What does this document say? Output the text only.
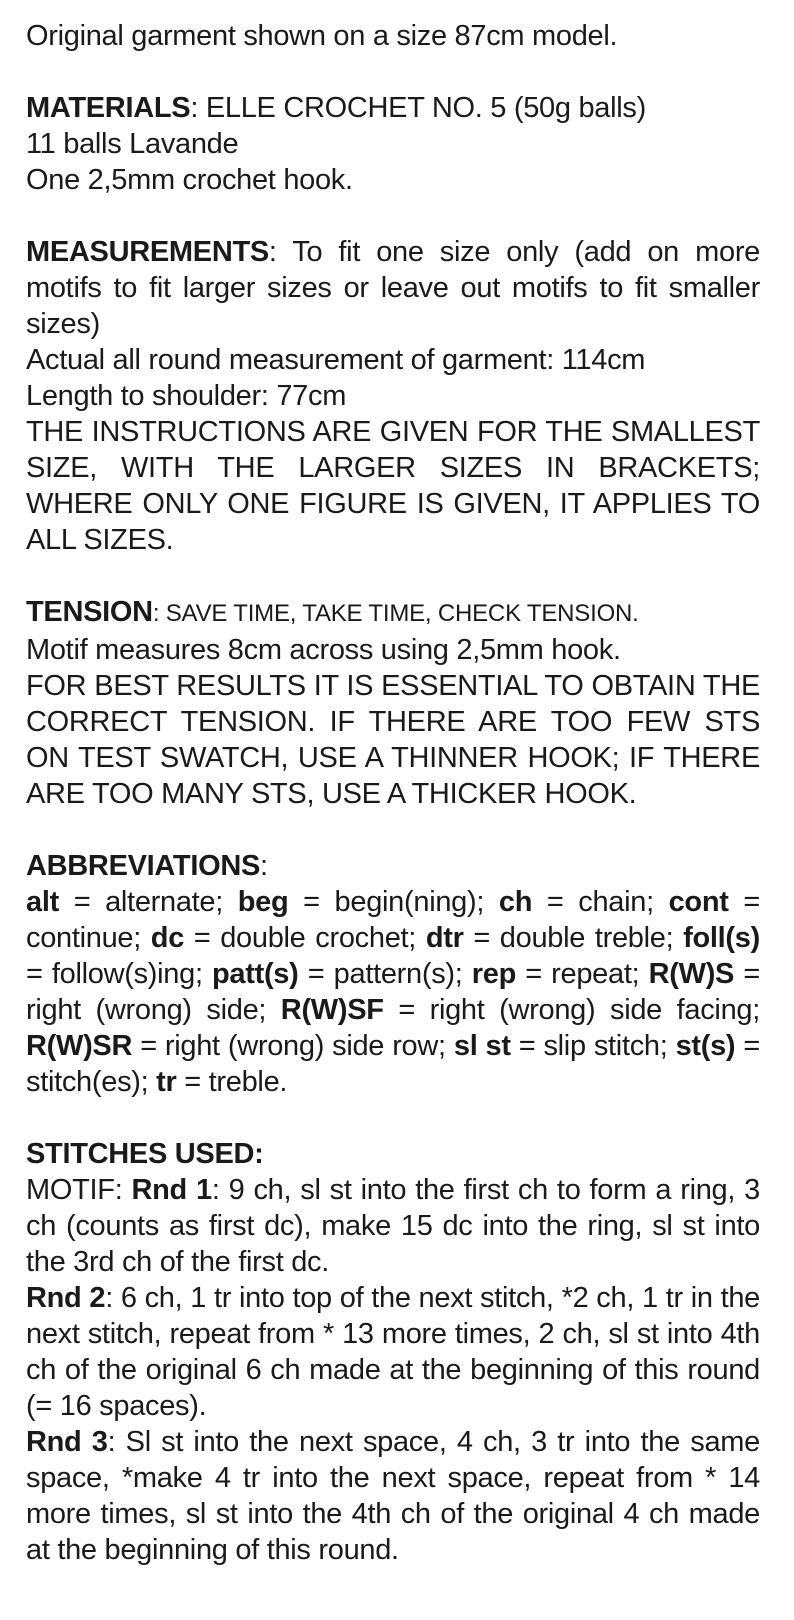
Original garment shown on a size 87cm model.

MATERIALS: ELLE CROCHET NO. 5 (50g balls)

11 balls Lavande

One 2,5mm crochet hook.

MEASUREMENTS: To fit one size only (add on more motifs to fit larger sizes or leave out motifs to fit smaller sizes)

Actual all round measurement of garment: 114cm

Length to shoulder: 77cm

THE INSTRUCTIONS ARE GIVEN FOR THE SMALLEST SIZE, WITH THE LARGER SIZES IN BRACKETS; WHERE ONLY ONE FIGURE IS GIVEN, IT APPLIES TO ALL SIZES.

TENSION: SAVE TIME, TAKE TIME, CHECK TENSION.

Motif measures 8cm across using 2,5mm hook.

FOR BEST RESULTS IT IS ESSENTIAL TO OBTAIN THE CORRECT TENSION. IF THERE ARE TOO FEW STS ON TEST SWATCH, USE A THINNER HOOK; IF THERE ARE TOO MANY STS, USE A THICKER HOOK.

ABBREVIATIONS:

alt = alternate; beg = begin(ning); ch = chain; cont = continue; dc = double crochet; dtr = double treble; foll(s) = follow(s)ing; patt(s) = pattern(s); rep = repeat; R(W)S = right (wrong) side; R(W)SF = right (wrong) side facing; R(W)SR = right (wrong) side row; sl st = slip stitch; st(s) = stitch(es); tr = treble.

STITCHES USED:

MOTIF: Rnd 1: 9 ch, sl st into the first ch to form a ring, 3 ch (counts as first dc), make 15 dc into the ring, sl st into the 3rd ch of the first dc.

Rnd 2: 6 ch, 1 tr into top of the next stitch, *2 ch, 1 tr in the next stitch, repeat from * 13 more times, 2 ch, sl st into 4th ch of the original 6 ch made at the beginning of this round (= 16 spaces).

Rnd 3: Sl st into the next space, 4 ch, 3 tr into the same space, *make 4 tr into the next space, repeat from * 14 more times, sl st into the 4th ch of the original 4 ch made at the beginning of this round.
